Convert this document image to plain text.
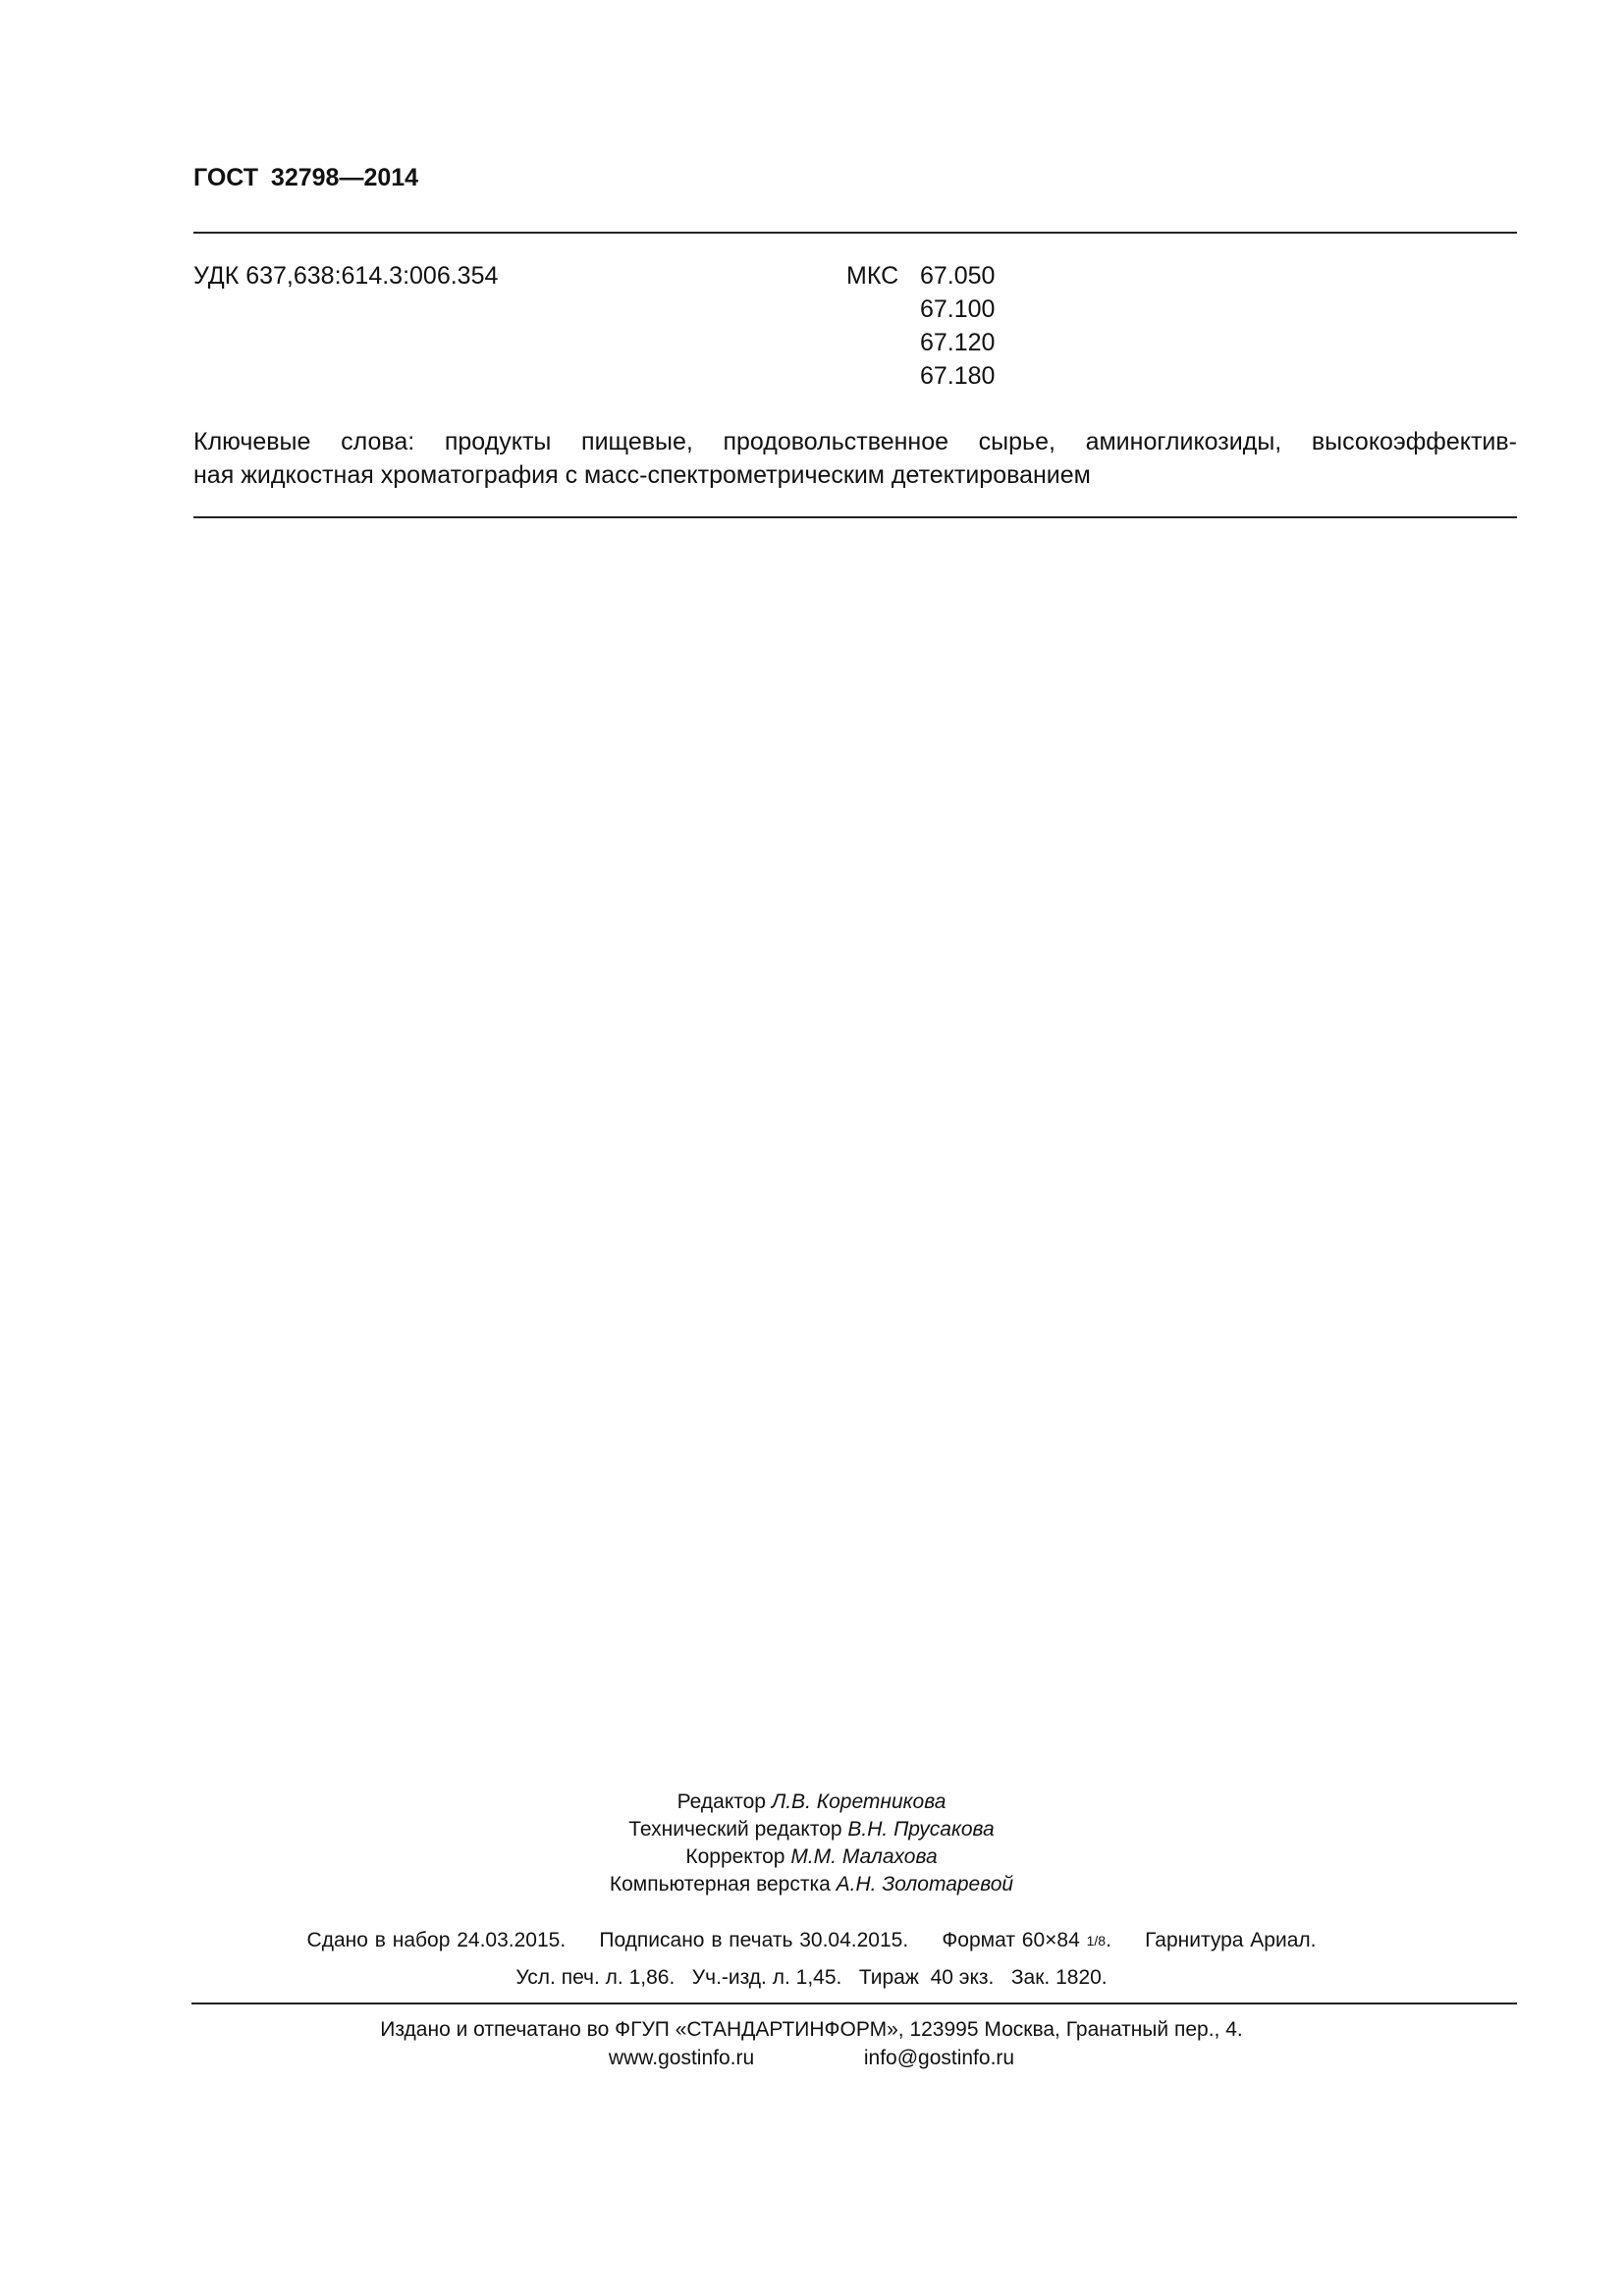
ГОСТ 32798—2014
УДК 637,638:614.3:006.354	МКС 67.050
67.100
67.120
67.180
Ключевые слова: продукты пищевые, продовольственное сырье, аминогликозиды, высокоэффектив-
ная жидкостная хроматография с масс-спектрометрическим детектированием
Редактор Л.В. Коретникова
Технический редактор В.Н. Прусакова
Корректор М.М. Малахова
Компьютерная верстка А.Н. Золотаревой
Сдано в набор 24.03.2015. Подписано в печать 30.04.2015. Формат 60×84 1/8.     Гарнитура Ариал.
Усл. печ. л. 1,86.   Уч.-изд. л. 1,45.   Тираж  40 экз.   Зак. 1820.
Издано и отпечатано во ФГУП «СТАНДАРТИНФОРМ», 123995 Москва, Гранатный пер., 4.
www.gostinfo.ru	info@gostinfo.ru
